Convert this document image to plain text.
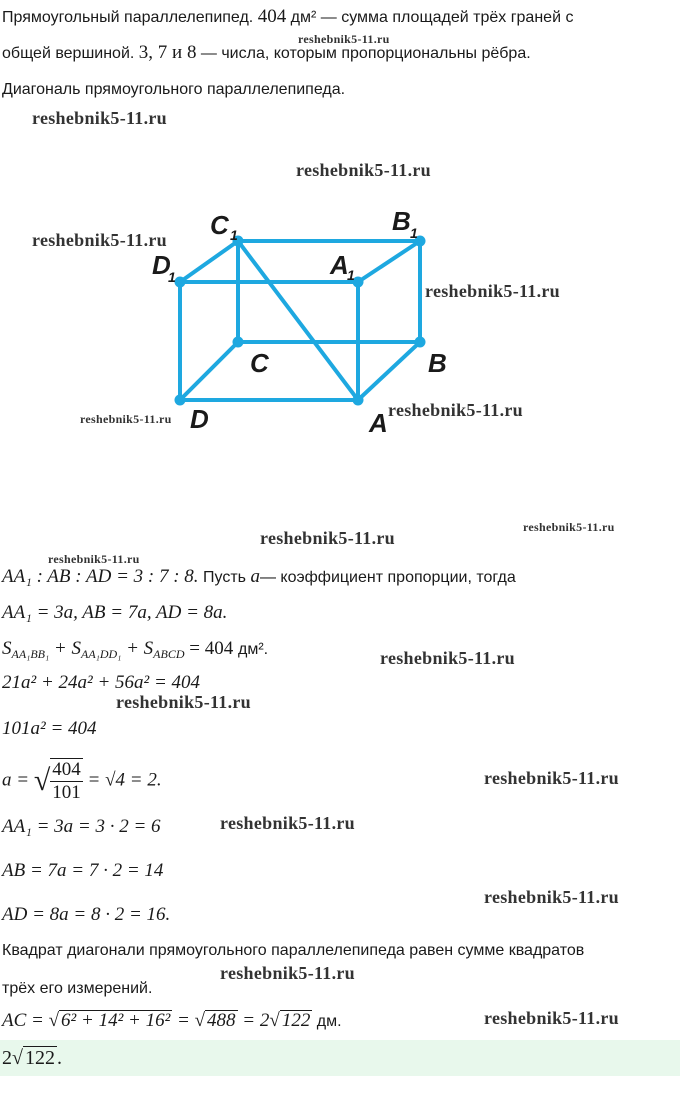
Прямоугольный параллелепипед. 404 дм² — сумма площадей трёх граней с
общей вершиной. 3, 7 и 8 — числа, которым пропорциональны рёбра.
Диагональ прямоугольного параллелепипеда.
C 1	B 1
D
1	A
1
C	B
D	A
AA₁ : AB : AD = 3 : 7 : 8. Пусть a— коэффициент пропорции, тогда
AA₁ = 3a, AB = 7a, AD = 8a.
$S_{AA_1BB_1} + S_{AA_1DD_1} + S_{ABCD} = 404$ дм².
21a² + 24a² + 56a² = 404
101a² = 404
a = √ $\frac{404}{101} = √4 = 2$.
AA₁ = 3a = 3 · 2 = 6
AB = 7a = 7 · 2 = 14
AD = 8a = 8 · 2 = 16.
Квадрат диагонали прямоугольного параллелепипеда равен сумме квадратов
трёх его измерений.
AC = √ 6² + 14² + 16² = √ 488 = 2√ 122 дм.
2√ 122 .
reshebnik5-11.ru
reshebnik5-11.ru
reshebnik5-11.ru
reshebnik5-11.ru
reshebnik5-11.ru
reshebnik5-11.ru
reshebnik5-11.ru
reshebnik5-11.ru
reshebnik5-11.ru
reshebnik5-11.ru
reshebnik5-11.ru
reshebnik5-11.ru
reshebnik5-11.ru
reshebnik5-11.ru
reshebnik5-11.ru
reshebnik5-11.ru
reshebnik5-11.ru
